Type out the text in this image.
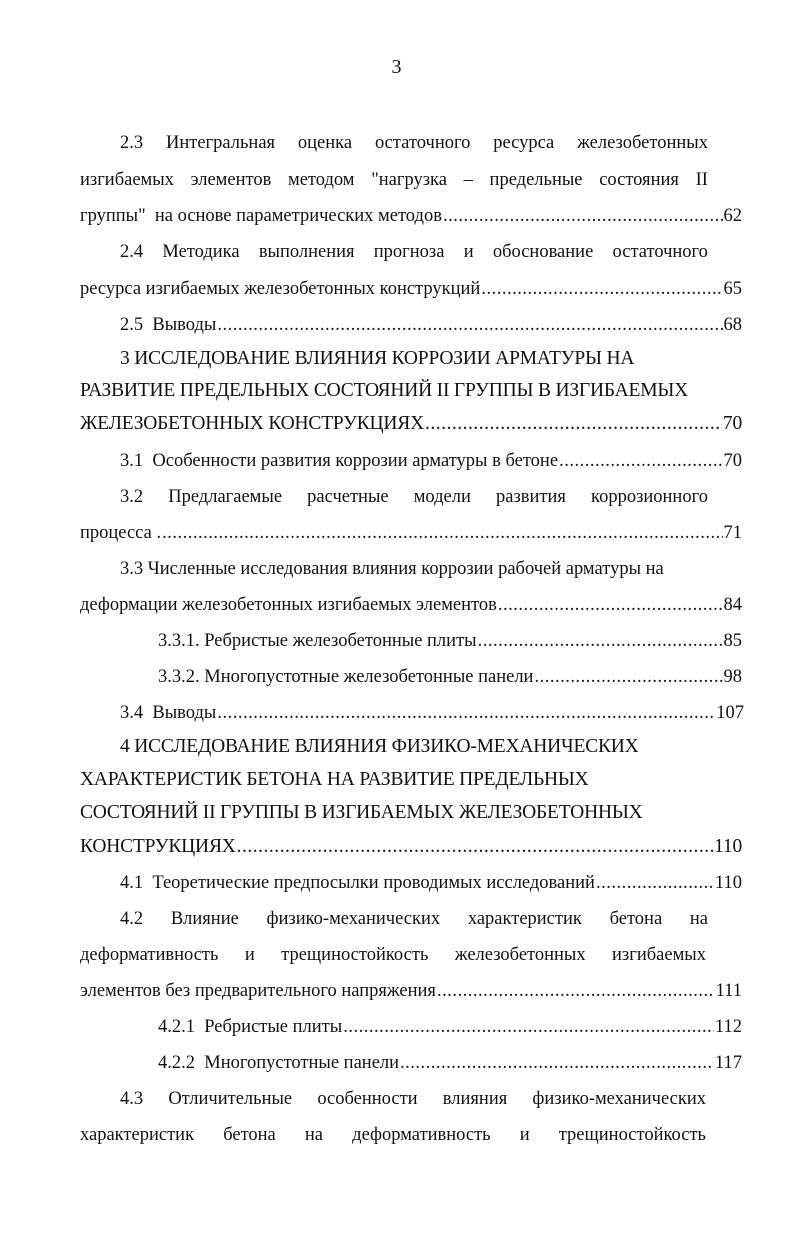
3
2.3 Интегральная оценка остаточного ресурса железобетонных
изгибаемых элементов методом "нагрузка – предельные состояния II
группы"  на основе параметрических методов .....	62
2.4 Методика выполнения прогноза и обоснование остаточного
ресурса изгибаемых железобетонных конструкций .....	65
2.5  Выводы .....	68
3 ИССЛЕДОВАНИЕ ВЛИЯНИЯ КОРРОЗИИ АРМАТУРЫ НА
РАЗВИТИЕ ПРЕДЕЛЬНЫХ СОСТОЯНИЙ II ГРУППЫ В ИЗГИБАЕМЫХ
ЖЕЛЕЗОБЕТОННЫХ КОНСТРУКЦИЯХ .....	70
3.1  Особенности развития коррозии арматуры в бетоне .....	70
3.2 Предлагаемые расчетные модели развития коррозионного
процесса . .....	71
3.3 Численные исследования влияния коррозии рабочей арматуры на
деформации железобетонных изгибаемых элементов .....	84
3.3.1. Ребристые железобетонные плиты .....	85
3.3.2. Многопустотные железобетонные панели .....	98
3.4  Выводы .....	107
4 ИССЛЕДОВАНИЕ ВЛИЯНИЯ ФИЗИКО-МЕХАНИЧЕСКИХ
ХАРАКТЕРИСТИК БЕТОНА НА РАЗВИТИЕ ПРЕДЕЛЬНЫХ
СОСТОЯНИЙ II ГРУППЫ В ИЗГИБАЕМЫХ ЖЕЛЕЗОБЕТОННЫХ
КОНСТРУКЦИЯХ .....	110
4.1  Теоретические предпосылки проводимых исследований .....	110
4.2 Влияние физико-механических характеристик бетона на
деформативность и трещиностойкость железобетонных изгибаемых
элементов без предварительного напряжения .....	111
4.2.1  Ребристые плиты .....	112
4.2.2  Многопустотные панели .....	117
4.3 Отличительные особенности влияния физико-механических
характеристик бетона на деформативность и трещиностойкость
